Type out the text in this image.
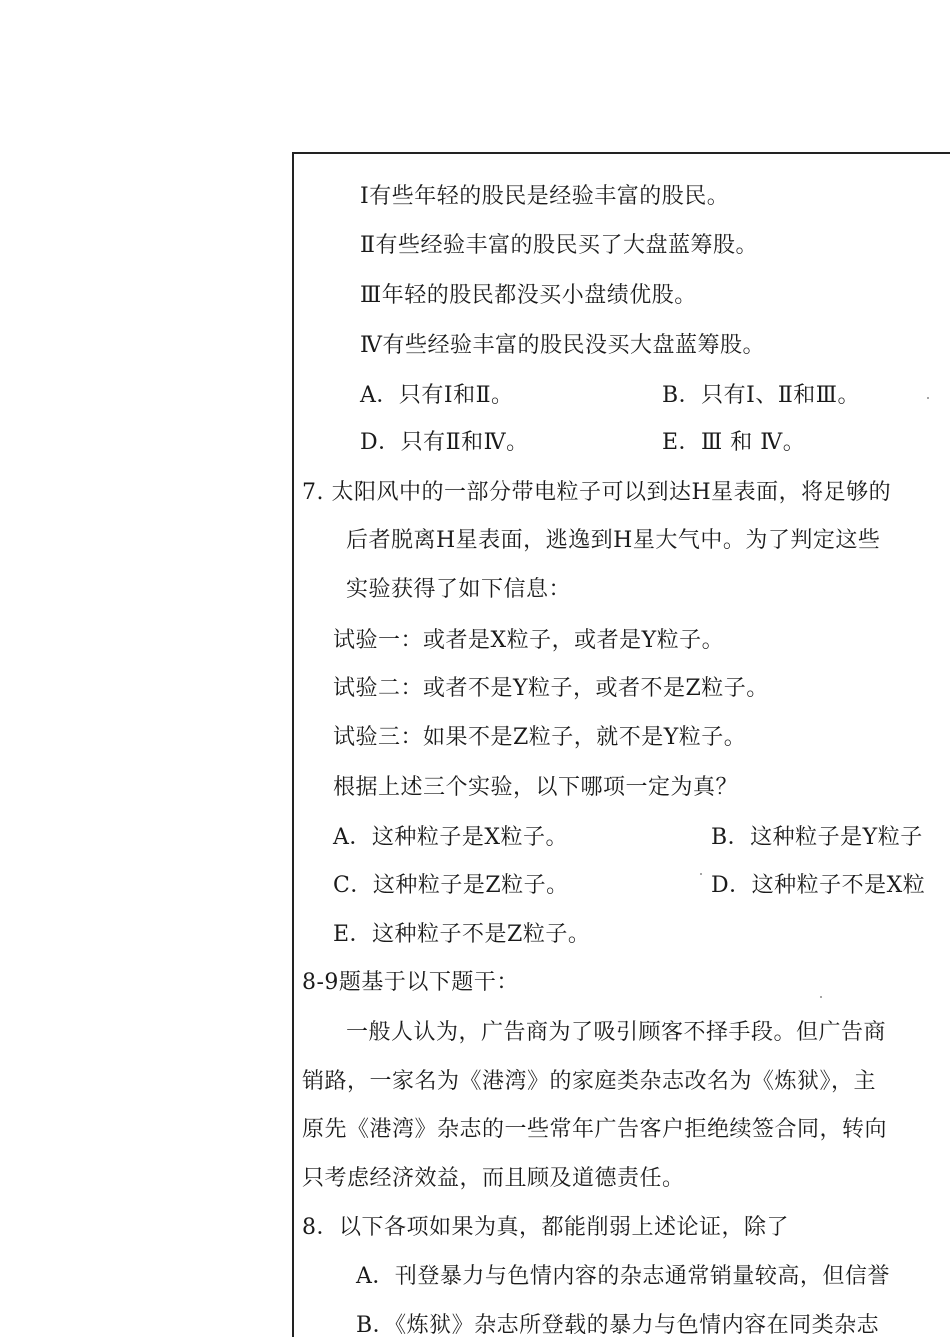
Ⅰ有些年轻的股民是经验丰富的股民。
Ⅱ有些经验丰富的股民买了大盘蓝筹股。
Ⅲ年轻的股民都没买小盘绩优股。
Ⅳ有些经验丰富的股民没买大盘蓝筹股。
A．只有Ⅰ和Ⅱ。	B．只有Ⅰ、Ⅱ和Ⅲ。
D．只有Ⅱ和Ⅳ。	E．Ⅲ 和 Ⅳ。
7. 太阳风中的一部分带电粒子可以到达H星表面，将足够的
后者脱离H星表面，逃逸到H星大气中。为了判定这些
实验获得了如下信息：
试验一：或者是X粒子，或者是Y粒子。
试验二：或者不是Y粒子，或者不是Z粒子。
试验三：如果不是Z粒子，就不是Y粒子。
根据上述三个实验，以下哪项一定为真？
A．这种粒子是X粒子。	B．这种粒子是Y粒子
C．这种粒子是Z粒子。	D．这种粒子不是X粒
E．这种粒子不是Z粒子。
8-9题基于以下题干：
一般人认为，广告商为了吸引顾客不择手段。但广告商
销路，一家名为《港湾》的家庭类杂志改名为《炼狱》，主
原先《港湾》杂志的一些常年广告客户拒绝续签合同，转向
只考虑经济效益，而且顾及道德责任。
8．以下各项如果为真，都能削弱上述论证，除了
A．刊登暴力与色情内容的杂志通常销量较高，但信誉
B．《炼狱》杂志所登载的暴力与色情内容在同类杂志
